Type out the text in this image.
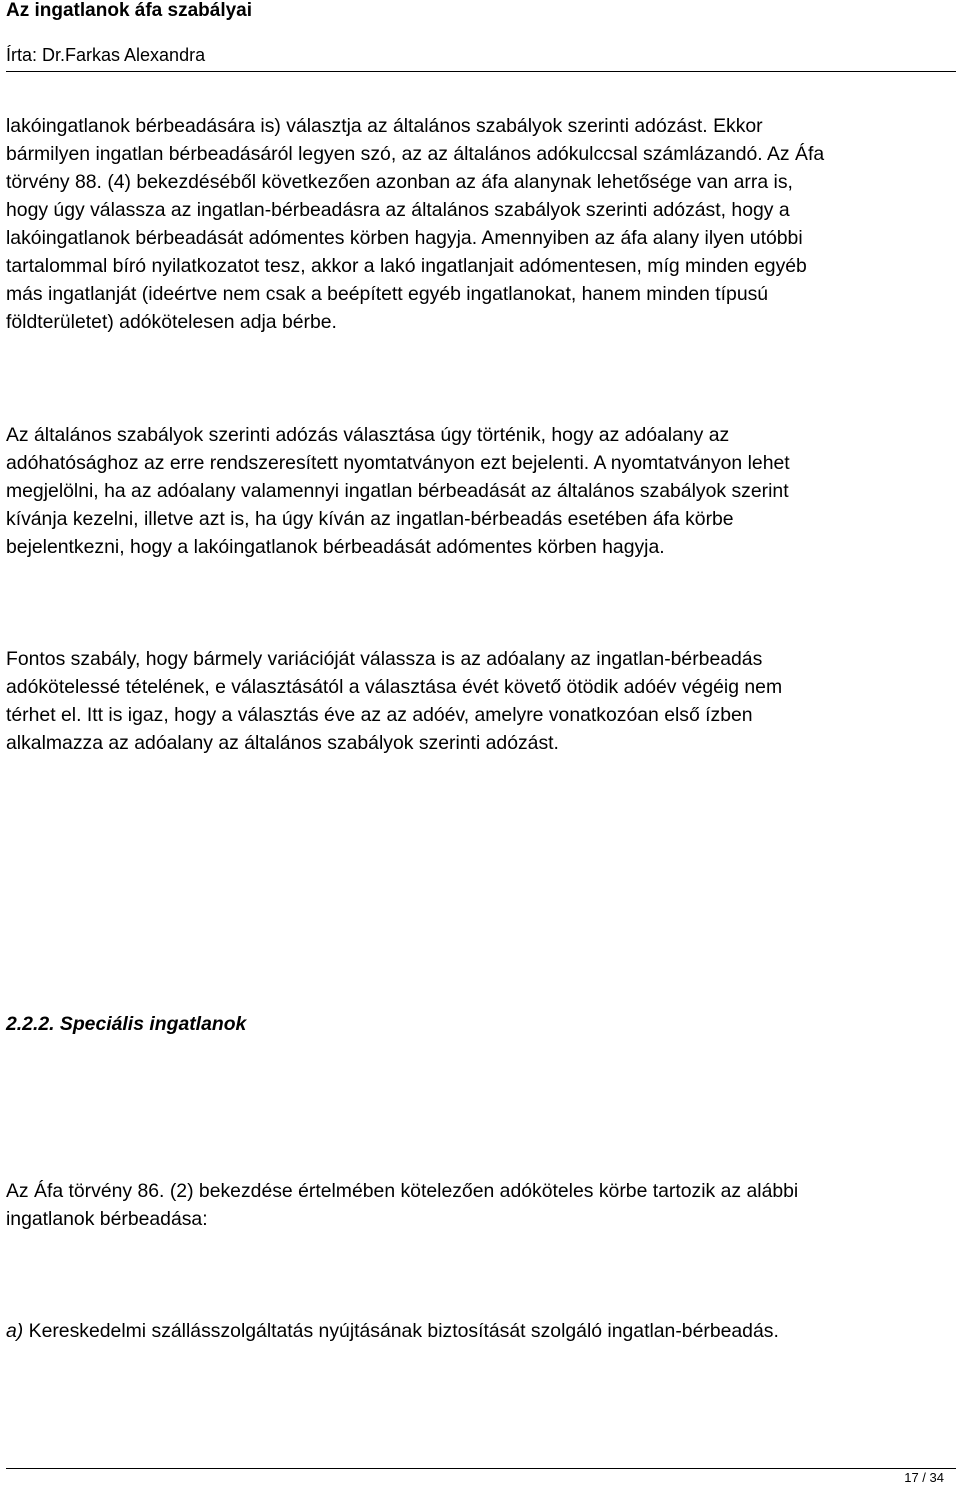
Az ingatlanok áfa szabályai
Írta: Dr.Farkas Alexandra
lakóingatlanok bérbeadására is) választja az általános szabályok szerinti adózást. Ekkor
bármilyen ingatlan bérbeadásáról legyen szó, az az általános adókulccsal számlázandó. Az Áfa
törvény 88. (4) bekezdéséből következően azonban az áfa alanynak lehetősége van arra is,
hogy úgy válassza az ingatlan-bérbeadásra az általános szabályok szerinti adózást, hogy a
lakóingatlanok bérbeadását adómentes körben hagyja. Amennyiben az áfa alany ilyen utóbbi
tartalommal bíró nyilatkozatot tesz, akkor a lakó ingatlanjait adómentesen, míg minden egyéb
más ingatlanját (ideértve nem csak a beépített egyéb ingatlanokat, hanem minden típusú
földterületet) adókötelesen adja bérbe.
Az általános szabályok szerinti adózás választása úgy történik, hogy az adóalany az
adóhatósághoz az erre rendszeresített nyomtatványon ezt bejelenti. A nyomtatványon lehet
megjelölni, ha az adóalany valamennyi ingatlan bérbeadását az általános szabályok szerint
kívánja kezelni, illetve azt is, ha úgy kíván az ingatlan-bérbeadás esetében áfa körbe
bejelentkezni, hogy a lakóingatlanok bérbeadását adómentes körben hagyja.
Fontos szabály, hogy bármely variációját válassza is az adóalany az ingatlan-bérbeadás
adókötelessé tételének, e választásától a választása évét követő ötödik adóév végéig nem
térhet el. Itt is igaz, hogy a választás éve az az adóév, amelyre vonatkozóan első ízben
alkalmazza az adóalany az általános szabályok szerinti adózást.
2.2.2. Speciális ingatlanok
Az Áfa törvény 86. (2) bekezdése értelmében kötelezően adóköteles körbe tartozik az alábbi
ingatlanok bérbeadása:
a) Kereskedelmi szállásszolgáltatás nyújtásának biztosítását szolgáló ingatlan-bérbeadás.
17 / 34
